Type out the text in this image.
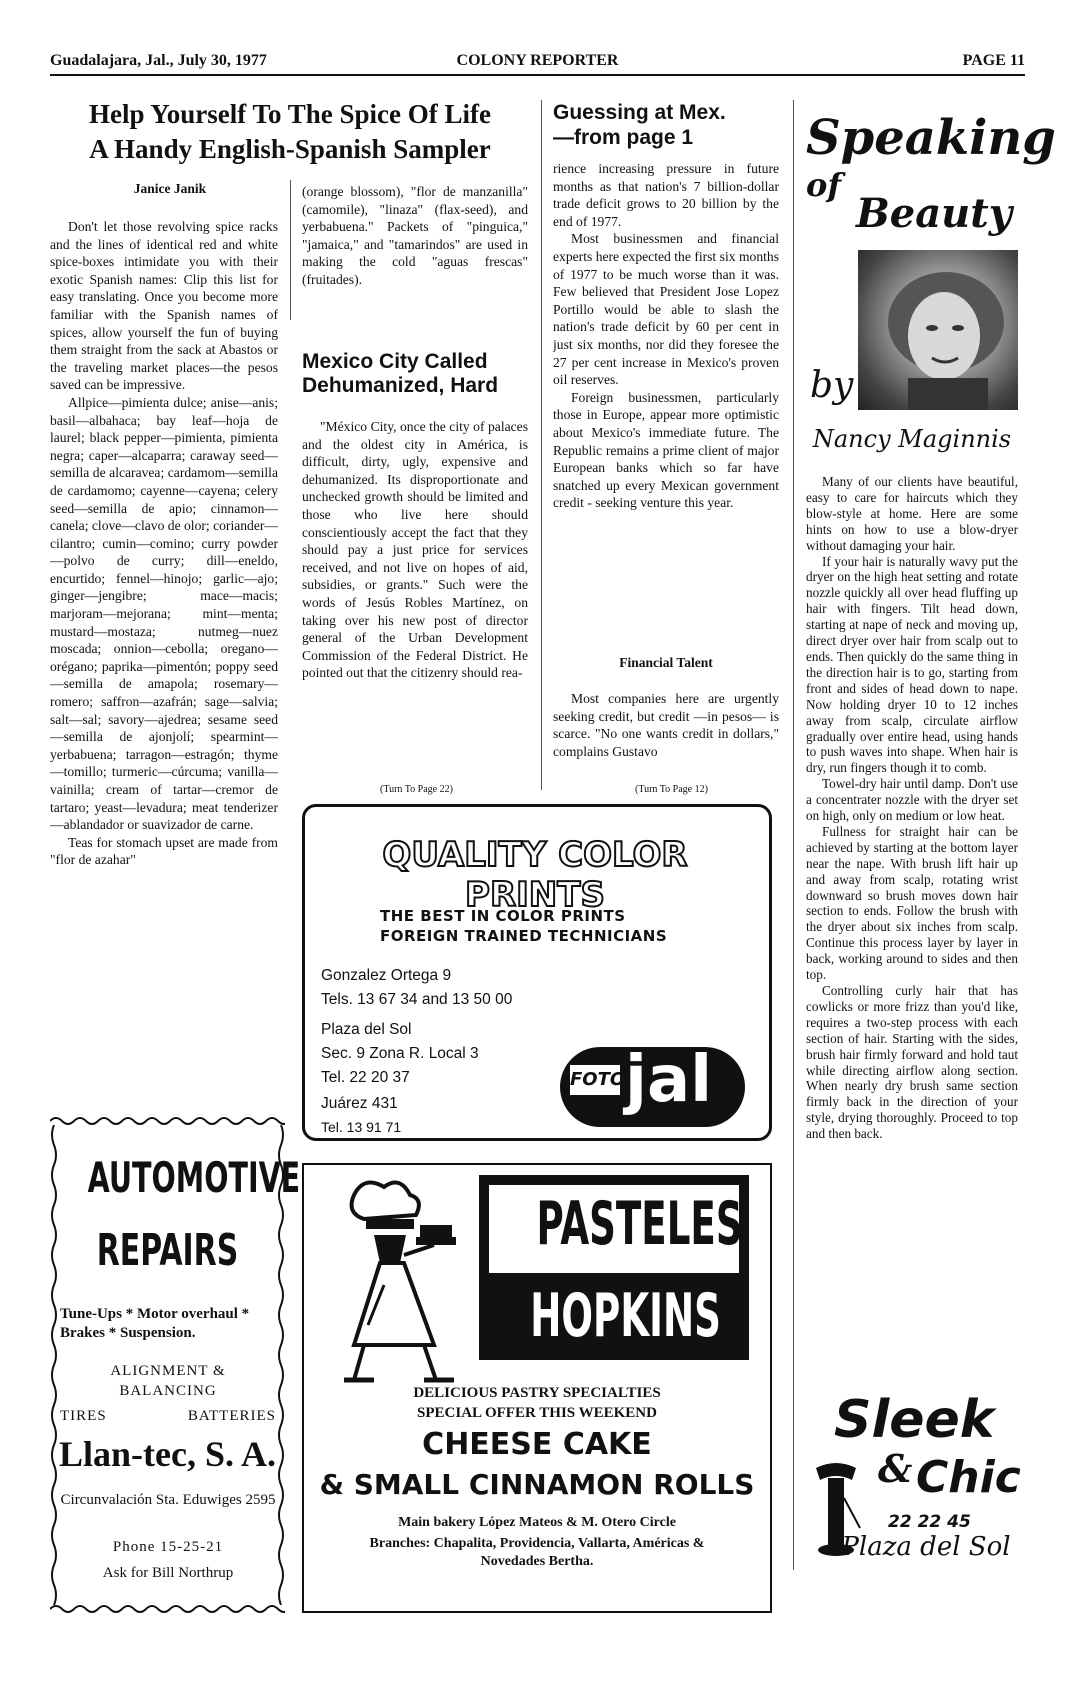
Guadalajara, Jal., July 30, 1977	COLONY REPORTER	PAGE 11
Help Yourself To The Spice Of Life
A Handy English-Spanish Sampler
Janice Janik

Don't let those revolving spice racks and the lines of identical red and white spice-boxes intimidate you with their exotic Spanish names: Clip this list for easy translating. Once you become more familiar with the Spanish names of spices, allow yourself the fun of buying them straight from the sack at Abastos or the traveling market places—the pesos saved can be impressive.

Allpice—pimienta dulce; anise—anis; basil—albahaca; bay leaf—hoja de laurel; black pepper—pimienta, pimienta negra; caper—alcaparra; caraway seed—semilla de alcaravea; cardamom—semilla de cardamomo; cayenne—cayena; celery seed—semilla de apio; cinnamon—canela; clove—clavo de olor; coriander—cilantro; cumin—comino; curry powder—polvo de curry; dill—eneldo, encurtido; fennel—hinojo; garlic—ajo; ginger—jengibre; mace—macis; marjoram—mejorana; mint—menta; mustard—mostaza; nutmeg—nuez moscada; onnion—cebolla; oregano—orégano; paprika—pimentón; poppy seed—semilla de amapola; rosemary—romero; saffron—azafrán; sage—salvia; salt—sal; savory—ajedrea; sesame seed—semilla de ajonjolí; spearmint—yerbabuena; tarragon—estragón; thyme—tomillo; turmeric—cúrcuma; vanilla—vainilla; cream of tartar—cremor de tartaro; yeast—levadura; meat tenderizer—ablandador or suavizador de carne.

Teas for stomach upset are made from "flor de azahar"

(orange blossom), "flor de manzanilla" (camomile), "linaza" (flax-seed), and yerbabuena." Packets of "pinguica," "jamaica," and "tamarindos" are used in making the cold "aguas frescas" (fruitades).
Mexico City Called Dehumanized, Hard

"México City, once the city of palaces and the oldest city in América, is difficult, dirty, ugly, expensive and dehumanized. Its disproportionate and unchecked growth should be limited and those who live here should conscientiously accept the fact that they should pay a just price for services received, and not live on hopes of aid, subsidies, or grants." Such were the words of Jesús Robles Martínez, on taking over his new post of director general of the Urban Development Commission of the Federal District. He pointed out that the citizenry should rea-

(Turn To Page 22)
Guessing at Mex.
—from page 1

rience increasing pressure in future months as that nation's 7 billion-dollar trade deficit grows to 20 billion by the end of 1977.

Most businessmen and financial experts here expected the first six months of 1977 to be much worse than it was. Few believed that President Jose Lopez Portillo would be able to slash the nation's trade deficit by 60 per cent in just six months, nor did they foresee the 27 per cent increase in Mexico's proven oil reserves.

Foreign businessmen, particularly those in Europe, appear more optimistic about Mexico's immediate future. The Republic remains a prime client of major European banks which so far have snatched up every Mexican government credit - seeking venture this year.

Financial Talent

Most companies here are urgently seeking credit, but credit —in pesos— is scarce. "No one wants credit in dollars," complains Gustavo

(Turn To Page 12)
Speaking
of
Beauty
by
Nancy Maginnis

Many of our clients have beautiful, easy to care for haircuts which they blow-style at home. Here are some hints on how to use a blow-dryer without damaging your hair.

If your hair is naturally wavy put the dryer on the high heat setting and rotate nozzle quickly all over head fluffing up hair with fingers. Tilt head down, starting at nape of neck and moving up, direct dryer over hair from scalp out to ends. Then quickly do the same thing in the direction hair is to go, starting from front and sides of head down to nape. Now holding dryer 10 to 12 inches away from scalp, circulate airflow gradually over entire head, using hands to push waves into shape. When hair is dry, run fingers though it to comb.

Towel-dry hair until damp. Don't use a concentrater nozzle with the dryer set on high, only on medium or low heat.

Fullness for straight hair can be achieved by starting at the bottom layer near the nape. With brush lift hair up and away from scalp, rotating wrist downward so brush moves down hair section to ends. Follow the brush with the dryer about six inches from scalp. Continue this process layer by layer in back, working around to sides and then top.

Controlling curly hair that has cowlicks or more frizz than you'd like, requires a two-step process with each section of hair. Starting with the sides, brush hair firmly forward and hold taut while directing airflow along section. When nearly dry brush same section firmly back in the direction of your style, drying thoroughly. Proceed to top and then back.

Sleek
& Chic
22 22 45
Plaza del Sol
AUTOMOTIVE
REPAIRS
Tune-Ups * Motor overhaul * Brakes * Suspension.
ALIGNMENT & BALANCING
TIRES	BATTERIES
Llan-tec, S. A.
Circunvalación Sta. Eduwiges 2595
Phone 15-25-21
Ask for Bill Northrup
QUALITY COLOR PRINTS
THE BEST IN COLOR PRINTS
FOREIGN TRAINED TECHNICIANS
Gonzalez Ortega 9
Tels. 13 67 34 and 13 50 00
Plaza del Sol
Sec. 9 Zona R. Local 3
Tel. 22 20 37
Juárez 431
Tel. 13 91 71
FOTO jal
PASTELES
HOPKINS
DELICIOUS PASTRY SPECIALTIES
SPECIAL OFFER THIS WEEKEND
CHEESE CAKE
& SMALL CINNAMON ROLLS
Main bakery López Mateos & M. Otero Circle
Branches: Chapalita, Providencia, Vallarta, Américas & Novedades Bertha.
